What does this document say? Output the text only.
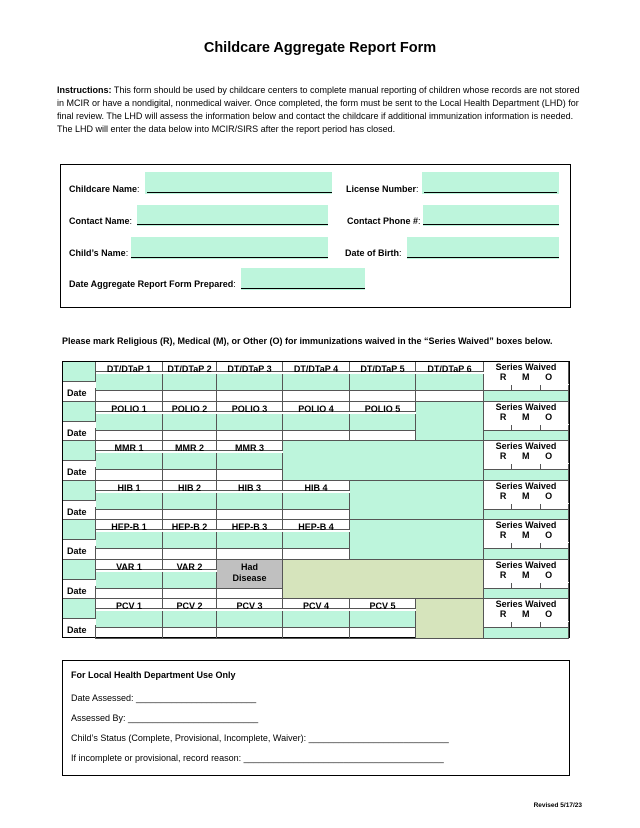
Childcare Aggregate Report Form
Instructions: This form should be used by childcare centers to complete manual reporting of children whose records are not stored in MCIR or have a nondigital, nonmedical waiver. Once completed, the form must be sent to the Local Health Department (LHD) for final review. The LHD will assess the information below and contact the childcare if additional immunization information is needed. The LHD will enter the data below into MCIR/SIRS after the report period has closed.
Childcare Name:	License Number:
Contact Name:	Contact Phone #:
Child’s Name:	Date of Birth:
Date Aggregate Report Form Prepared:
Please mark Religious (R), Medical (M), or Other (O) for immunizations waived in the “Series Waived” boxes below.
Date
DT/DTaP 1	DT/DTaP 2	DT/DTaP 3	DT/DTaP 4	DT/DTaP 5	DT/DTaP 6	Series Waived
R M O
Date
POLIO 1	POLIO 2	POLIO 3	POLIO 4	POLIO 5	Series Waived
R M O
Date
MMR 1	MMR 2	MMR 3	Series Waived
R M O
Date
HIB 1	HIB 2	HIB 3	HIB 4	Series Waived
R M O
Date
HEP-B 1	HEP-B 2	HEP-B 3	HEP-B 4	Series Waived
R M O
Date
VAR 1	VAR 2	Had Disease
Series Waived
R M O
Date
PCV 1	PCV 2	PCV 3	PCV 4	PCV 5	Series Waived
R M O
For Local Health Department Use Only
Date Assessed: ________________________
Assessed By: __________________________
Child’s Status (Complete, Provisional, Incomplete, Waiver): ____________________________
If incomplete or provisional, record reason: ________________________________________
Revised 5/17/23
